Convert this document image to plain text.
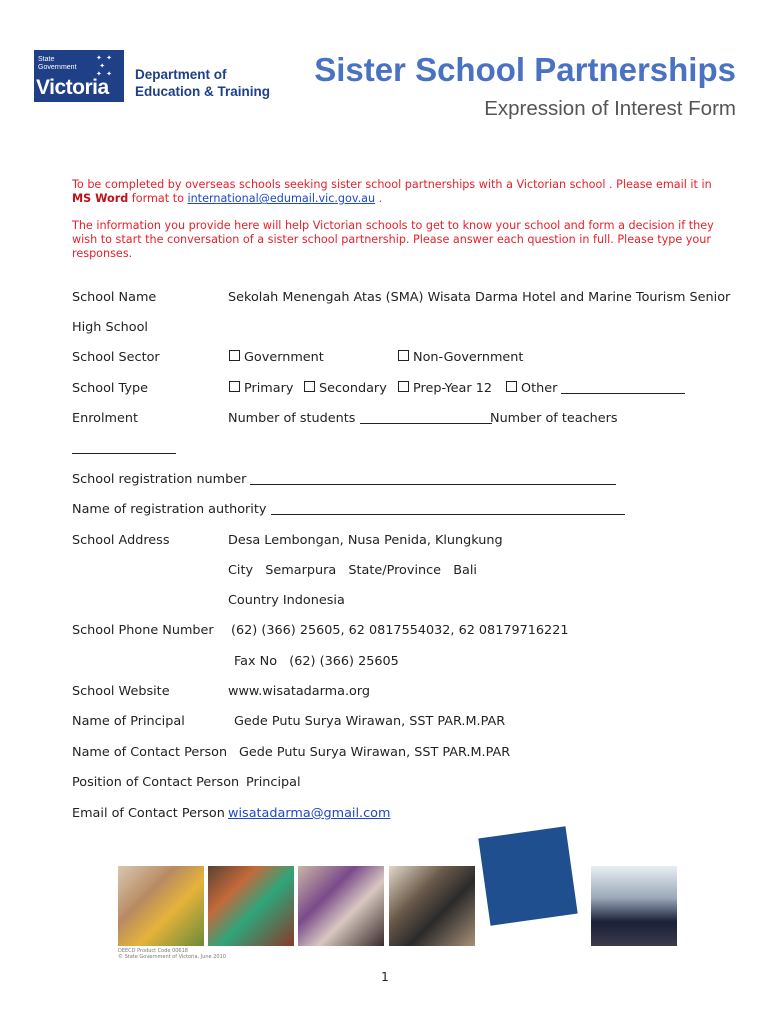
State
Government
✦ ✦
✦
✦ ✦
Victoria
Department of
Education & Training
Sister School Partnerships
Expression of Interest Form
To be completed by overseas schools seeking sister school partnerships with a Victorian school . Please email it in MS Word format to international@edumail.vic.gov.au .
The information you provide here will help Victorian schools to get to know your school and form a decision if they wish to start the conversation of a sister school partnership. Please answer each question in full. Please type your responses.
School Name	Sekolah Menengah Atas (SMA) Wisata Darma Hotel and Marine Tourism Senior
High School
School Sector	Government	Non-Government
School Type	Primary	Secondary	Prep-Year 12	Other
Enrolment	Number of students	Number of teachers
School registration number
Name of registration authority
School Address	Desa Lembongan, Nusa Penida, Klungkung
City   Semarpura   State/Province   Bali
Country Indonesia
School Phone Number (62) (366) 25605, 62 0817554032, 62 08179716221
Fax No   (62) (366) 25605
School Website	www.wisatadarma.org
Name of Principal	Gede Putu Surya Wirawan, SST PAR.M.PAR
Name of Contact Person Gede Putu Surya Wirawan, SST PAR.M.PAR
Position of Contact Person Principal
Email of Contact Person wisatadarma@gmail.com
DEECD Product Code 00618
© State Government of Victoria, June 2010
1
